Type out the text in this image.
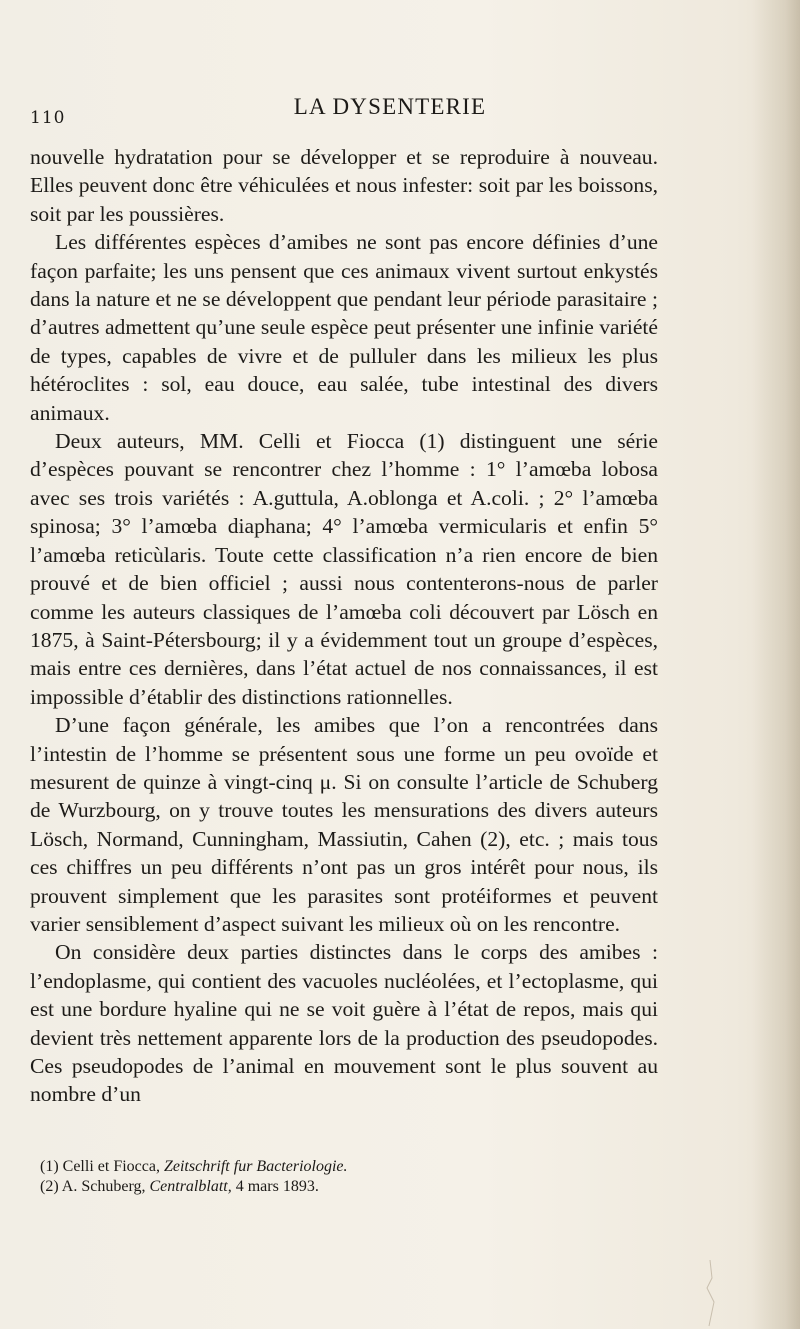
110	LA DYSENTERIE

nouvelle hydratation pour se développer et se reproduire à nouveau. Elles peuvent donc être véhiculées et nous infester: soit par les boissons, soit par les poussières.

Les différentes espèces d’amibes ne sont pas encore définies d’une façon parfaite; les uns pensent que ces animaux vivent surtout enkystés dans la nature et ne se développent que pendant leur période parasitaire ; d’autres admettent qu’une seule espèce peut présenter une infinie variété de types, capables de vivre et de pulluler dans les milieux les plus hétéroclites : sol, eau douce, eau salée, tube intestinal des divers animaux.

Deux auteurs, MM. Celli et Fiocca (1) distinguent une série d’espèces pouvant se rencontrer chez l’homme : 1° l’amœba lobosa avec ses trois variétés : A.guttula, A.oblonga et A.coli. ; 2° l’amœba spinosa; 3° l’amœba diaphana; 4° l’amœba vermicularis et enfin 5° l’amœba reticùlaris. Toute cette classification n’a rien encore de bien prouvé et de bien officiel ; aussi nous contenterons-nous de parler comme les auteurs classiques de l’amœba coli découvert par Lösch en 1875, à Saint-Pétersbourg; il y a évidemment tout un groupe d’espèces, mais entre ces dernières, dans l’état actuel de nos connaissances, il est impossible d’établir des distinctions rationnelles.

D’une façon générale, les amibes que l’on a rencontrées dans l’intestin de l’homme se présentent sous une forme un peu ovoïde et mesurent de quinze à vingt-cinq μ. Si on consulte l’article de Schuberg de Wurzbourg, on y trouve toutes les mensurations des divers auteurs Lösch, Normand, Cunningham, Massiutin, Cahen (2), etc. ; mais tous ces chiffres un peu différents n’ont pas un gros intérêt pour nous, ils prouvent simplement que les parasites sont protéiformes et peuvent varier sensiblement d’aspect suivant les milieux où on les rencontre.

On considère deux parties distinctes dans le corps des amibes : l’endoplasme, qui contient des vacuoles nucléolées, et l’ectoplasme, qui est une bordure hyaline qui ne se voit guère à l’état de repos, mais qui devient très nettement apparente lors de la production des pseudopodes. Ces pseudopodes de l’animal en mouvement sont le plus souvent au nombre d’un

(1) Celli et Fiocca, Zeitschrift fur Bacteriologie.

(2) A. Schuberg, Centralblatt, 4 mars 1893.
